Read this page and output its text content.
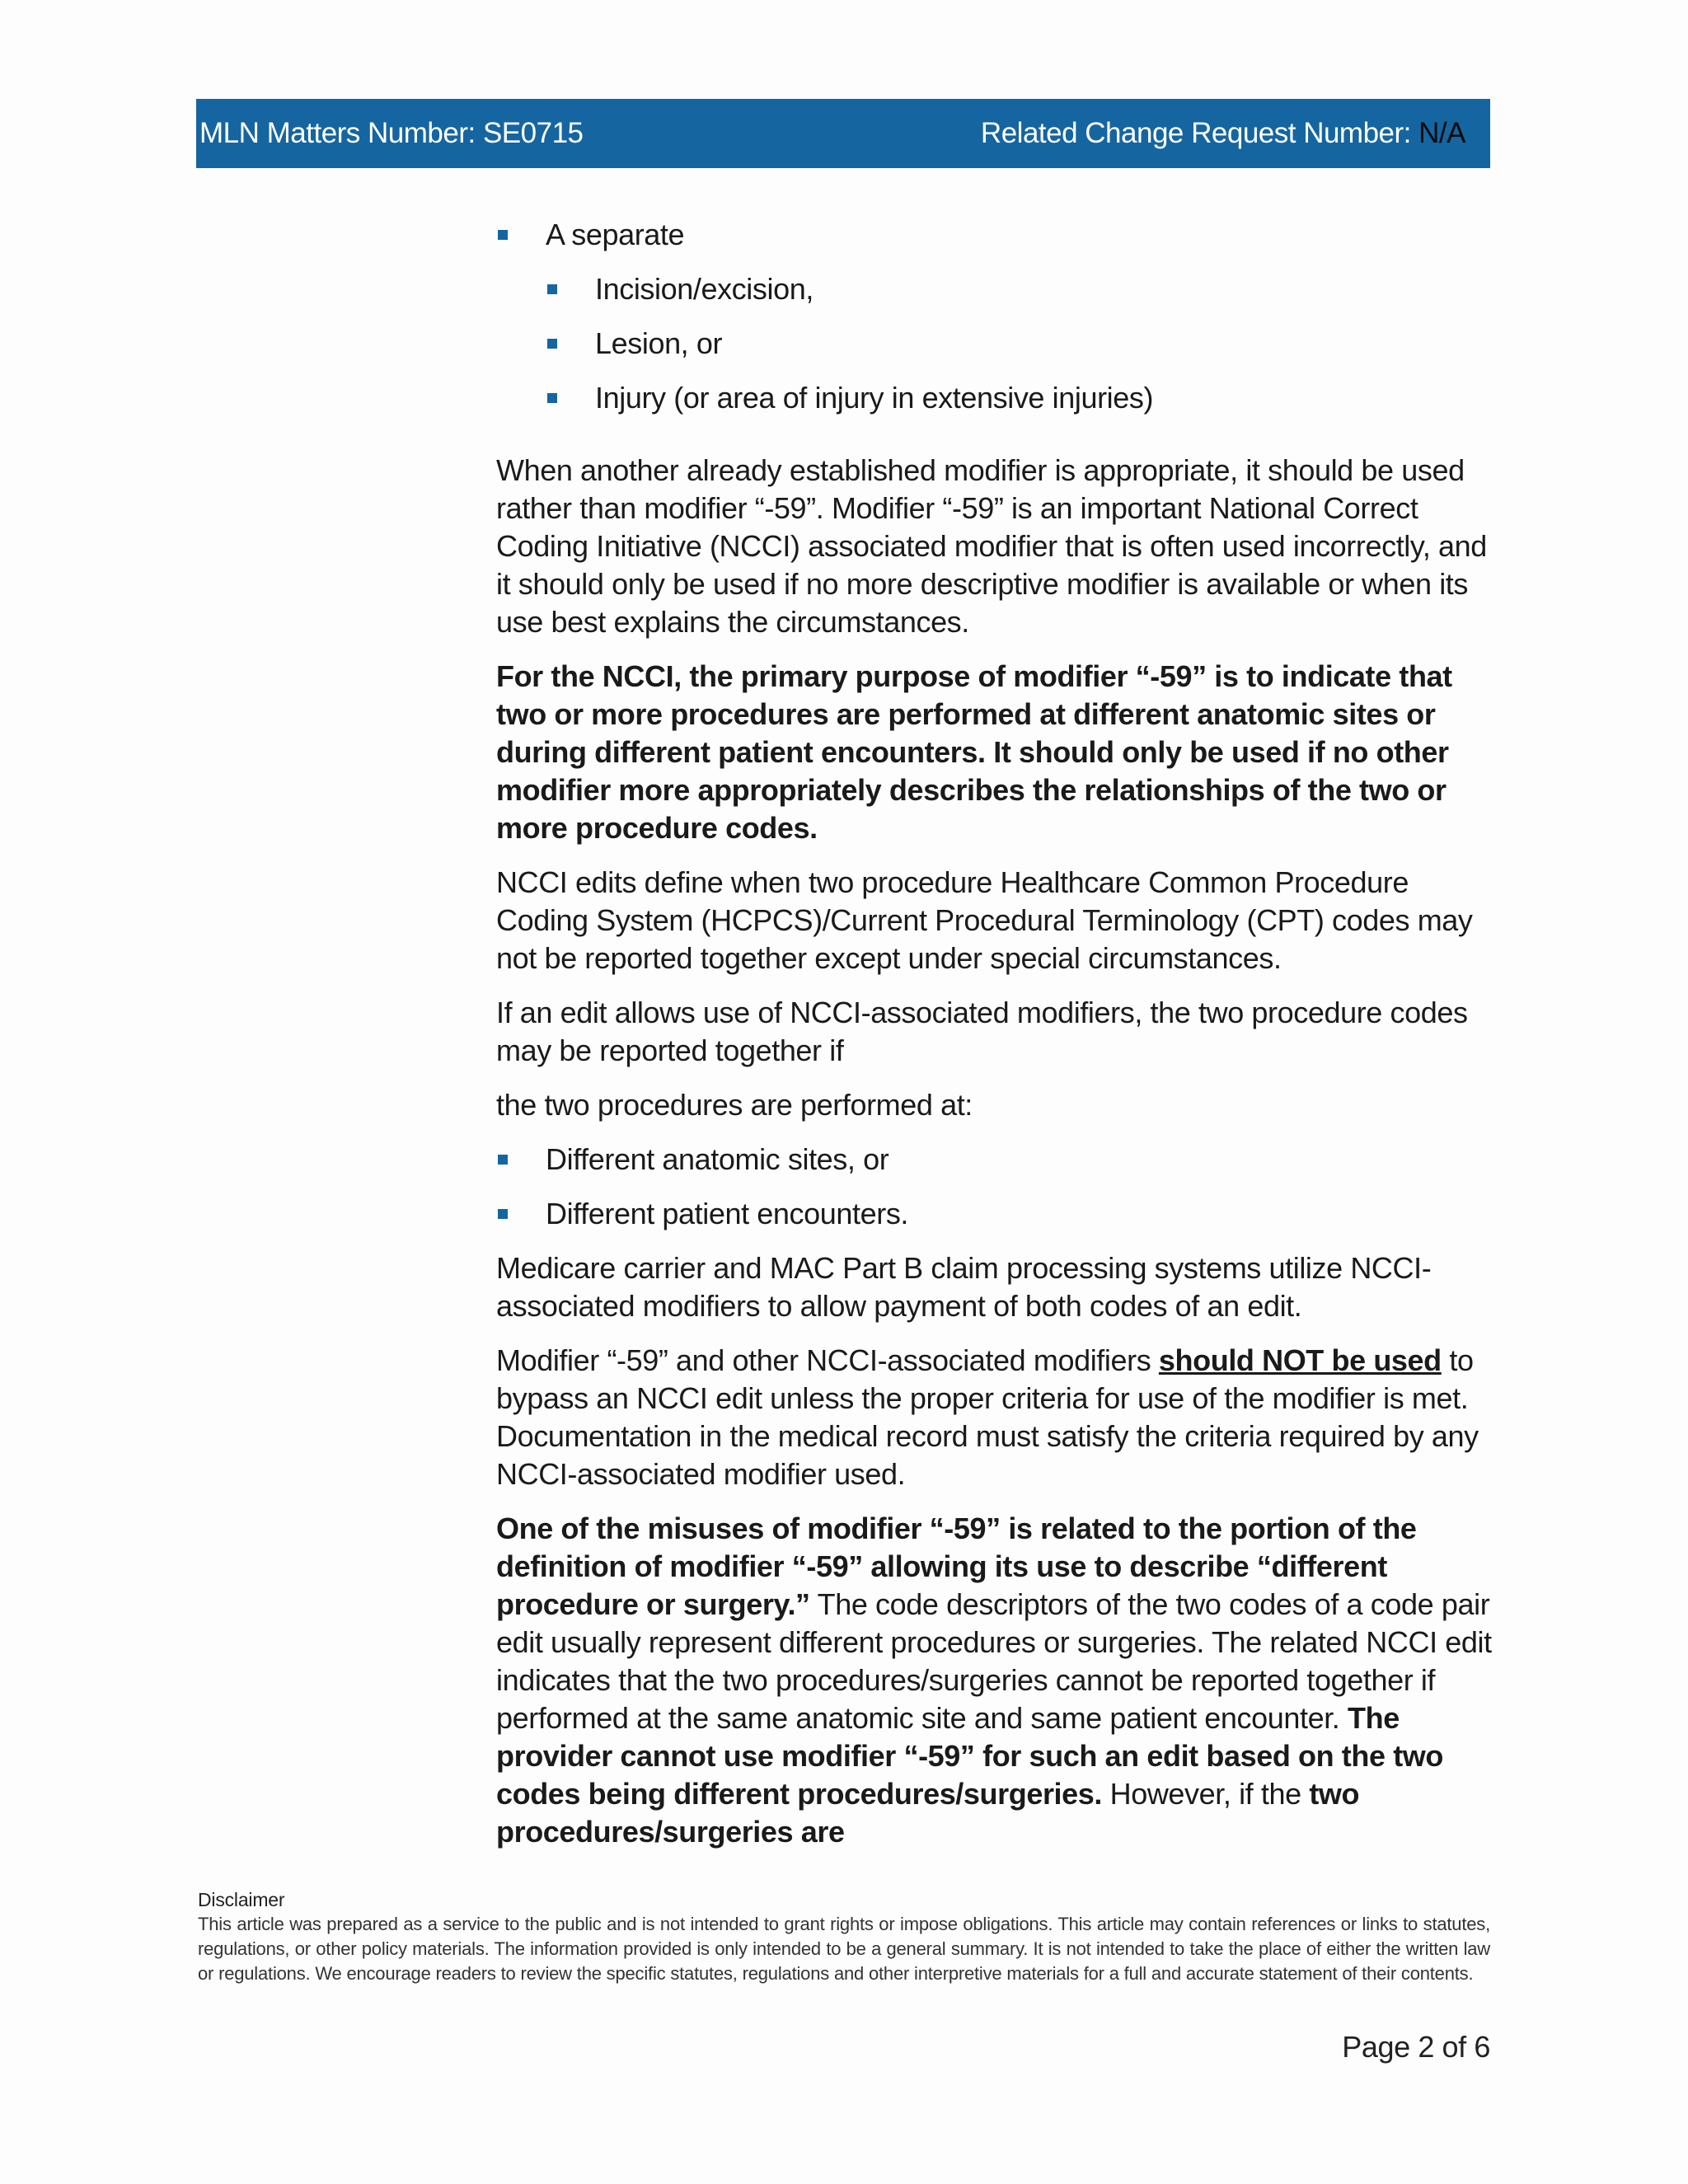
MLN Matters Number: SE0715	Related Change Request Number: N/A
A separate
Incision/excision,
Lesion, or
Injury (or area of injury in extensive injuries)

When another already established modifier is appropriate, it should be used rather than modifier “-59”. Modifier “-59” is an important National Correct Coding Initiative (NCCI) associated modifier that is often used incorrectly, and it should only be used if no more descriptive modifier is available or when its use best explains the circumstances.

For the NCCI, the primary purpose of modifier “-59” is to indicate that two or more procedures are performed at different anatomic sites or during different patient encounters. It should only be used if no other modifier more appropriately describes the relationships of the two or more procedure codes.

NCCI edits define when two procedure Healthcare Common Procedure Coding System (HCPCS)/Current Procedural Terminology (CPT) codes may not be reported together except under special circumstances.

If an edit allows use of NCCI-associated modifiers, the two procedure codes may be reported together if

the two procedures are performed at:

Different anatomic sites, or
Different patient encounters.

Medicare carrier and MAC Part B claim processing systems utilize NCCI-associated modifiers to allow payment of both codes of an edit.

Modifier “-59” and other NCCI-associated modifiers should NOT be used to bypass an NCCI edit unless the proper criteria for use of the modifier is met. Documentation in the medical record must satisfy the criteria required by any NCCI-associated modifier used.

One of the misuses of modifier “-59” is related to the portion of the definition of modifier “-59” allowing its use to describe “different procedure or surgery.” The code descriptors of the two codes of a code pair edit usually represent different procedures or surgeries. The related NCCI edit indicates that the two procedures/surgeries cannot be reported together if performed at the same anatomic site and same patient encounter. The provider cannot use modifier “-59” for such an edit based on the two codes being different procedures/surgeries. However, if the two procedures/surgeries are

Disclaimer
This article was prepared as a service to the public and is not intended to grant rights or impose obligations. This article may contain references or links to statutes, regulations, or other policy materials. The information provided is only intended to be a general summary. It is not intended to take the place of either the written law or regulations. We encourage readers to review the specific statutes, regulations and other interpretive materials for a full and accurate statement of their contents.
Page 2 of 6
